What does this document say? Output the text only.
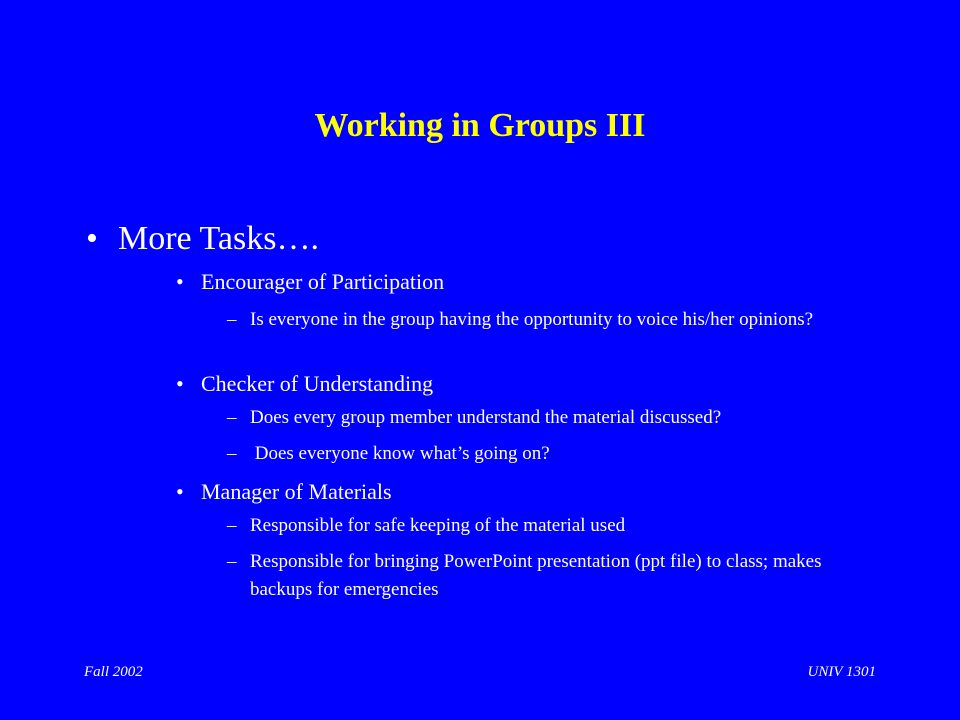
Working in Groups III
• More Tasks….
• Encourager of Participation
– Is everyone in the group having the opportunity to voice his/her opinions?
• Checker of Understanding
– Does every group member understand the material discussed?
– Does everyone know what’s going on?
• Manager of Materials
– Responsible for safe keeping of the material used
– Responsible for bringing PowerPoint presentation (ppt file) to class; makes backups for emergencies
Fall 2002	UNIV 1301
